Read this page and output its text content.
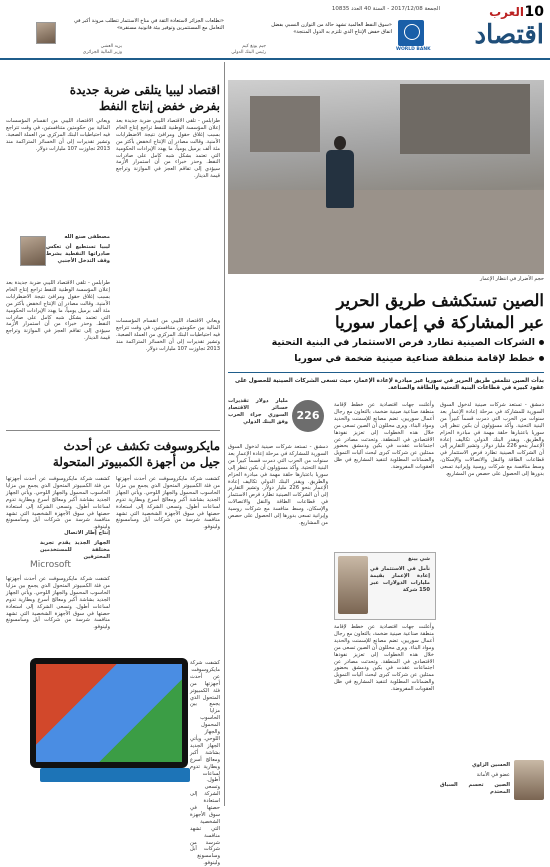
10
العرب
الجمعة 2017/12/08 - السنة 40 العدد 10835
اقتصاد
WORLD BANK
«سوق النفط العالمية تشهد حالة من التوازن النسبي بفضل اتفاق خفض الإنتاج الذي تلتزم به الدول المنتجة»
جيم يونغ كيم
رئيس البنك الدولي
«تطلعات الجزائر لاستعادة الثقة في مناخ الاستثمار تتطلب مرونة أكبر في التعامل مع المستثمرين وتوفير بيئة قانونية مستقرة»
يزيد العشي
وزير المالية الجزائري
حجم الأضرار في انتظار الإعمار
الصين تستكشف طريق الحرير
عبر المشاركة في إعمار سوريا
الشركات الصينية تطارد فرص الاستثمار في البنية التحتية
خطط لإقامة منطقة صناعية صينية ضخمة في سوريا
بدأت الصين تتلمس طريق الحرير في سوريا عبر مبادرة لإعادة الإعمار، حيث تسعى الشركات الصينية للحصول على عقود كبيرة في قطاعات البنية التحتية والطاقة والصناعة.
دمشق - تستعد شركات صينية لدخول السوق السورية للمشاركة في مرحلة إعادة الإعمار بعد سنوات من الحرب التي دمرت قسماً كبيراً من البنية التحتية. وأكد مسؤولون أن بكين تنظر إلى سوريا باعتبارها حلقة مهمة في مبادرة الحزام والطريق. ويقدر البنك الدولي تكاليف إعادة الإعمار بنحو 226 مليار دولار. وتشير التقارير إلى أن الشركات الصينية تطارد فرص الاستثمار في قطاعات الطاقة والنقل والاتصالات والإسكان، وسط منافسة مع شركات روسية وإيرانية تسعى بدورها إلى الحصول على حصص من المشاريع.
وأعلنت جهات اقتصادية عن خطط لإقامة منطقة صناعية صينية ضخمة، بالتعاون مع رجال أعمال سوريين، تضم مصانع للإسمنت والحديد ومواد البناء. ويرى محللون أن الصين تسعى من خلال هذه الخطوات إلى تعزيز نفوذها الاقتصادي في المنطقة. وتحدثت مصادر عن اجتماعات عقدت في بكين ودمشق بحضور ممثلين عن شركات كبرى لبحث آليات التمويل والضمانات المطلوبة لتنفيذ المشاريع في ظل العقوبات المفروضة.
226
مليار دولار تقديرات خسائر الاقتصاد السوري جراء الحرب وفق البنك الدولي
دمشق - تستعد شركات صينية لدخول السوق السورية للمشاركة في مرحلة إعادة الإعمار بعد سنوات من الحرب التي دمرت قسماً كبيراً من البنية التحتية. وأكد مسؤولون أن بكين تنظر إلى سوريا باعتبارها حلقة مهمة في مبادرة الحزام والطريق. ويقدر البنك الدولي تكاليف إعادة الإعمار بنحو 226 مليار دولار. وتشير التقارير إلى أن الشركات الصينية تطارد فرص الاستثمار في قطاعات الطاقة والنقل والاتصالات والإسكان، وسط منافسة مع شركات روسية وإيرانية تسعى بدورها إلى الحصول على حصص من المشاريع.
شي بينغ
نأمل في الاستثمار في إعادة الإعمار بقيمة مليارات الدولارات عبر 150 شركة
وأعلنت جهات اقتصادية عن خطط لإقامة منطقة صناعية صينية ضخمة، بالتعاون مع رجال أعمال سوريين، تضم مصانع للإسمنت والحديد ومواد البناء. ويرى محللون أن الصين تسعى من خلال هذه الخطوات إلى تعزيز نفوذها الاقتصادي في المنطقة. وتحدثت مصادر عن اجتماعات عقدت في بكين ودمشق بحضور ممثلين عن شركات كبرى لبحث آليات التمويل والضمانات المطلوبة لتنفيذ المشاريع في ظل العقوبات المفروضة.
الحسين الزاوي
عضو في الأمانة
الصين تحسم السباق المحتدم
اقتصاد ليبيا يتلقى ضربة جديدة
بفرض خفض إنتاج النفط
طرابلس - تلقى الاقتصاد الليبي ضربة جديدة بعد إعلان المؤسسة الوطنية للنفط تراجع إنتاج الخام بسبب إغلاق حقول ومرافئ نتيجة الاضطرابات الأمنية. وقالت مصادر إن الإنتاج انخفض بأكثر من مئة ألف برميل يومياً، ما يهدد الإيرادات الحكومية التي تعتمد بشكل شبه كامل على صادرات النفط. وحذر خبراء من أن استمرار الأزمة سيؤدي إلى تفاقم العجز في الموازنة وتراجع قيمة الدينار.
ويعاني الاقتصاد الليبي من انقسام المؤسسات المالية بين حكومتين متنافستين، في وقت تتراجع فيه احتياطيات البنك المركزي من العملة الصعبة. وتشير تقديرات إلى أن الخسائر المتراكمة منذ 2013 تجاوزت 107 مليارات دولار.
مصطفى صنع الله
ليبيا تستطيع أن تعكس صادراتها النفطية بشرط وقف التدخل الأجنبي
طرابلس - تلقى الاقتصاد الليبي ضربة جديدة بعد إعلان المؤسسة الوطنية للنفط تراجع إنتاج الخام بسبب إغلاق حقول ومرافئ نتيجة الاضطرابات الأمنية. وقالت مصادر إن الإنتاج انخفض بأكثر من مئة ألف برميل يومياً، ما يهدد الإيرادات الحكومية التي تعتمد بشكل شبه كامل على صادرات النفط. وحذر خبراء من أن استمرار الأزمة سيؤدي إلى تفاقم العجز في الموازنة وتراجع قيمة الدينار.
ويعاني الاقتصاد الليبي من انقسام المؤسسات المالية بين حكومتين متنافستين، في وقت تتراجع فيه احتياطيات البنك المركزي من العملة الصعبة. وتشير تقديرات إلى أن الخسائر المتراكمة منذ 2013 تجاوزت 107 مليارات دولار.
مايكروسوفت تكشف عن أحدث
جيل من أجهزة الكمبيوتر المتحولة
كشفت شركة مايكروسوفت عن أحدث أجهزتها من فئة الكمبيوتر المتحول الذي يجمع بين مزايا الحاسوب المحمول والجهاز اللوحي. ويأتي الجهاز الجديد بشاشة أكبر ومعالج أسرع وبطارية تدوم لساعات أطول. وتسعى الشركة إلى استعادة حصتها في سوق الأجهزة الشخصية التي تشهد منافسة شرسة من شركات آبل وسامسونغ ولينوفو.
كشفت شركة مايكروسوفت عن أحدث أجهزتها من فئة الكمبيوتر المتحول الذي يجمع بين مزايا الحاسوب المحمول والجهاز اللوحي. ويأتي الجهاز الجديد بشاشة أكبر ومعالج أسرع وبطارية تدوم لساعات أطول. وتسعى الشركة إلى استعادة حصتها في سوق الأجهزة الشخصية التي تشهد منافسة شرسة من شركات آبل وسامسونغ ولينوفو.
إنتاج إطار الاتصال
الجهاز الجديد يقدم تجربة مختلفة للمستخدمين المحترفين
Microsoft
كشفت شركة مايكروسوفت عن أحدث أجهزتها من فئة الكمبيوتر المتحول الذي يجمع بين مزايا الحاسوب المحمول والجهاز اللوحي. ويأتي الجهاز الجديد بشاشة أكبر ومعالج أسرع وبطارية تدوم لساعات أطول. وتسعى الشركة إلى استعادة حصتها في سوق الأجهزة الشخصية التي تشهد منافسة شرسة من شركات آبل وسامسونغ ولينوفو.
كشفت شركة مايكروسوفت عن أحدث أجهزتها من فئة الكمبيوتر المتحول الذي يجمع بين مزايا الحاسوب المحمول والجهاز اللوحي. ويأتي الجهاز الجديد بشاشة أكبر ومعالج أسرع وبطارية تدوم لساعات أطول. وتسعى الشركة إلى استعادة حصتها في سوق الأجهزة الشخصية التي تشهد منافسة شرسة من شركات آبل وسامسونغ ولينوفو.
